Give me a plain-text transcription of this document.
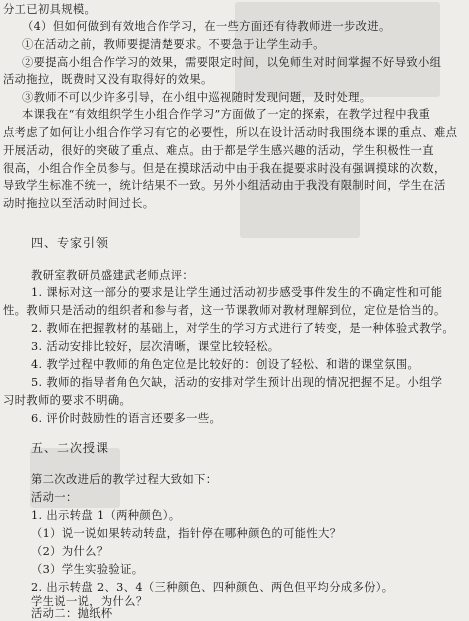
分工已初具规模。
（4）但如何做到有效地合作学习，在一些方面还有待教师进一步改进。
①在活动之前，教师要提清楚要求。不要急于让学生动手。
②要提高小组合作学习的效果，需要限定时间，以免师生对时间掌握不好导致小组
活动拖拉，既费时又没有取得好的效果。
③教师不可以少许多引导，在小组中巡视随时发现问题，及时处理。
本课我在“有效组织学生小组合作学习”方面做了一定的探索，在教学过程中我重
点考虑了如何让小组合作学习有它的必要性，所以在设计活动时我围绕本课的重点、难点
开展活动，很好的突破了重点、难点。由于都是学生感兴趣的活动，学生积极性一直
很高，小组合作全员参与。但是在摸球活动中由于我在提要求时没有强调摸球的次数，
导致学生标准不统一，统计结果不一致。另外小组活动由于我没有限制时间，学生在活
动时拖拉以至活动时间过长。
四、专家引领
教研室教研员盛建武老师点评：
1. 课标对这一部分的要求是让学生通过活动初步感受事件发生的不确定性和可能
性。教师只是活动的组织者和参与者，这一节课教师对教材理解到位，定位是恰当的。
2. 教师在把握教材的基础上，对学生的学习方式进行了转变，是一种体验式教学。
3. 活动安排比较好，层次清晰，课堂比较轻松。
4. 教学过程中教师的角色定位是比较好的：创设了轻松、和谐的课堂氛围。
5. 教师的指导者角色欠缺，活动的安排对学生预计出现的情况把握不足。小组学
习时教师的要求不明确。
6. 评价时鼓励性的语言还要多一些。
五、二次授课
第二次改进后的教学过程大致如下：
活动一：
1. 出示转盘 1（两种颜色）。
（1）说一说如果转动转盘，指针停在哪种颜色的可能性大？
（2）为什么？
（3）学生实验验证。
2. 出示转盘 2、3、4（三种颜色、四种颜色、两色但平均分成多份）。
学生说一说，为什么？
活动二：抛纸杯
